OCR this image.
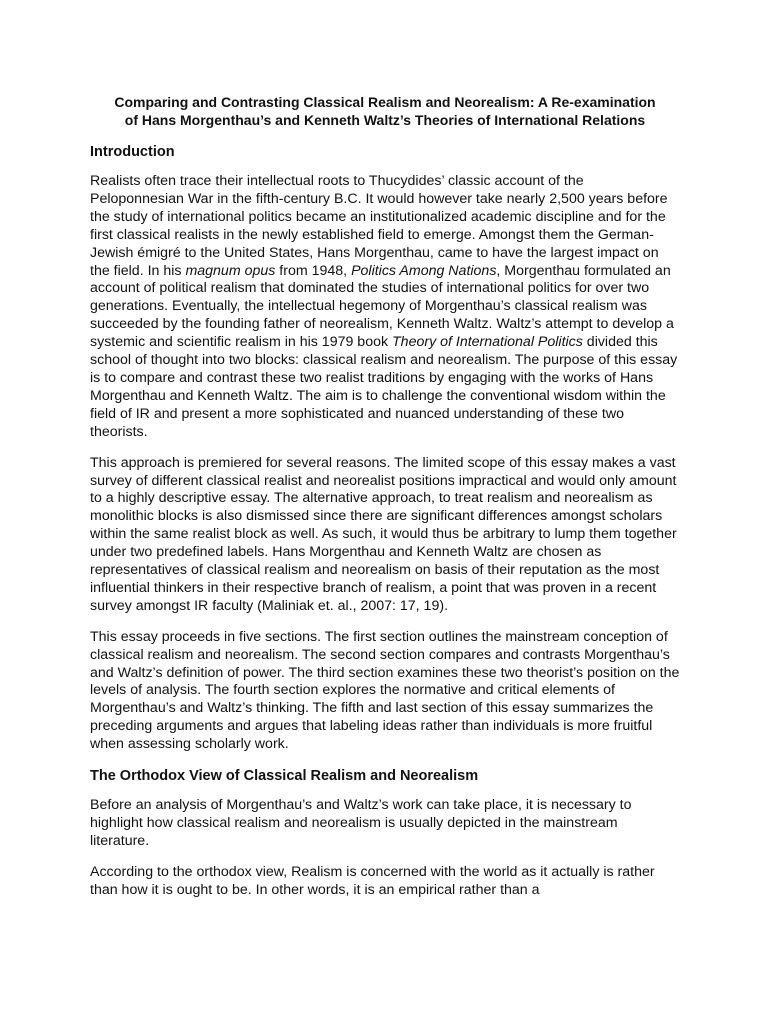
Comparing and Contrasting Classical Realism and Neorealism: A Re-examination
of Hans Morgenthau’s and Kenneth Waltz’s Theories of International Relations
Introduction

Realists often trace their intellectual roots to Thucydides’ classic account of the Peloponnesian War in the fifth-century B.C. It would however take nearly 2,500 years before the study of international politics became an institutionalized academic discipline and for the first classical realists in the newly established field to emerge. Amongst them the German-Jewish émigré to the United States, Hans Morgenthau, came to have the largest impact on the field. In his magnum opus from 1948, Politics Among Nations, Morgenthau formulated an account of political realism that dominated the studies of international politics for over two generations. Eventually, the intellectual hegemony of Morgenthau’s classical realism was succeeded by the founding father of neorealism, Kenneth Waltz. Waltz’s attempt to develop a systemic and scientific realism in his 1979 book Theory of International Politics divided this school of thought into two blocks: classical realism and neorealism. The purpose of this essay is to compare and contrast these two realist traditions by engaging with the works of Hans Morgenthau and Kenneth Waltz. The aim is to challenge the conventional wisdom within the field of IR and present a more sophisticated and nuanced understanding of these two theorists.

This approach is premiered for several reasons. The limited scope of this essay makes a vast survey of different classical realist and neorealist positions impractical and would only amount to a highly descriptive essay. The alternative approach, to treat realism and neorealism as monolithic blocks is also dismissed since there are significant differences amongst scholars within the same realist block as well. As such, it would thus be arbitrary to lump them together under two predefined labels. Hans Morgenthau and Kenneth Waltz are chosen as representatives of classical realism and neorealism on basis of their reputation as the most influential thinkers in their respective branch of realism, a point that was proven in a recent survey amongst IR faculty (Maliniak et. al., 2007: 17, 19).

This essay proceeds in five sections. The first section outlines the mainstream conception of classical realism and neorealism. The second section compares and contrasts Morgenthau’s and Waltz’s definition of power. The third section examines these two theorist’s position on the levels of analysis. The fourth section explores the normative and critical elements of Morgenthau’s and Waltz’s thinking. The fifth and last section of this essay summarizes the preceding arguments and argues that labeling ideas rather than individuals is more fruitful when assessing scholarly work.

The Orthodox View of Classical Realism and Neorealism

Before an analysis of Morgenthau’s and Waltz’s work can take place, it is necessary to highlight how classical realism and neorealism is usually depicted in the mainstream literature.

According to the orthodox view, Realism is concerned with the world as it actually is rather than how it is ought to be. In other words, it is an empirical rather than a
